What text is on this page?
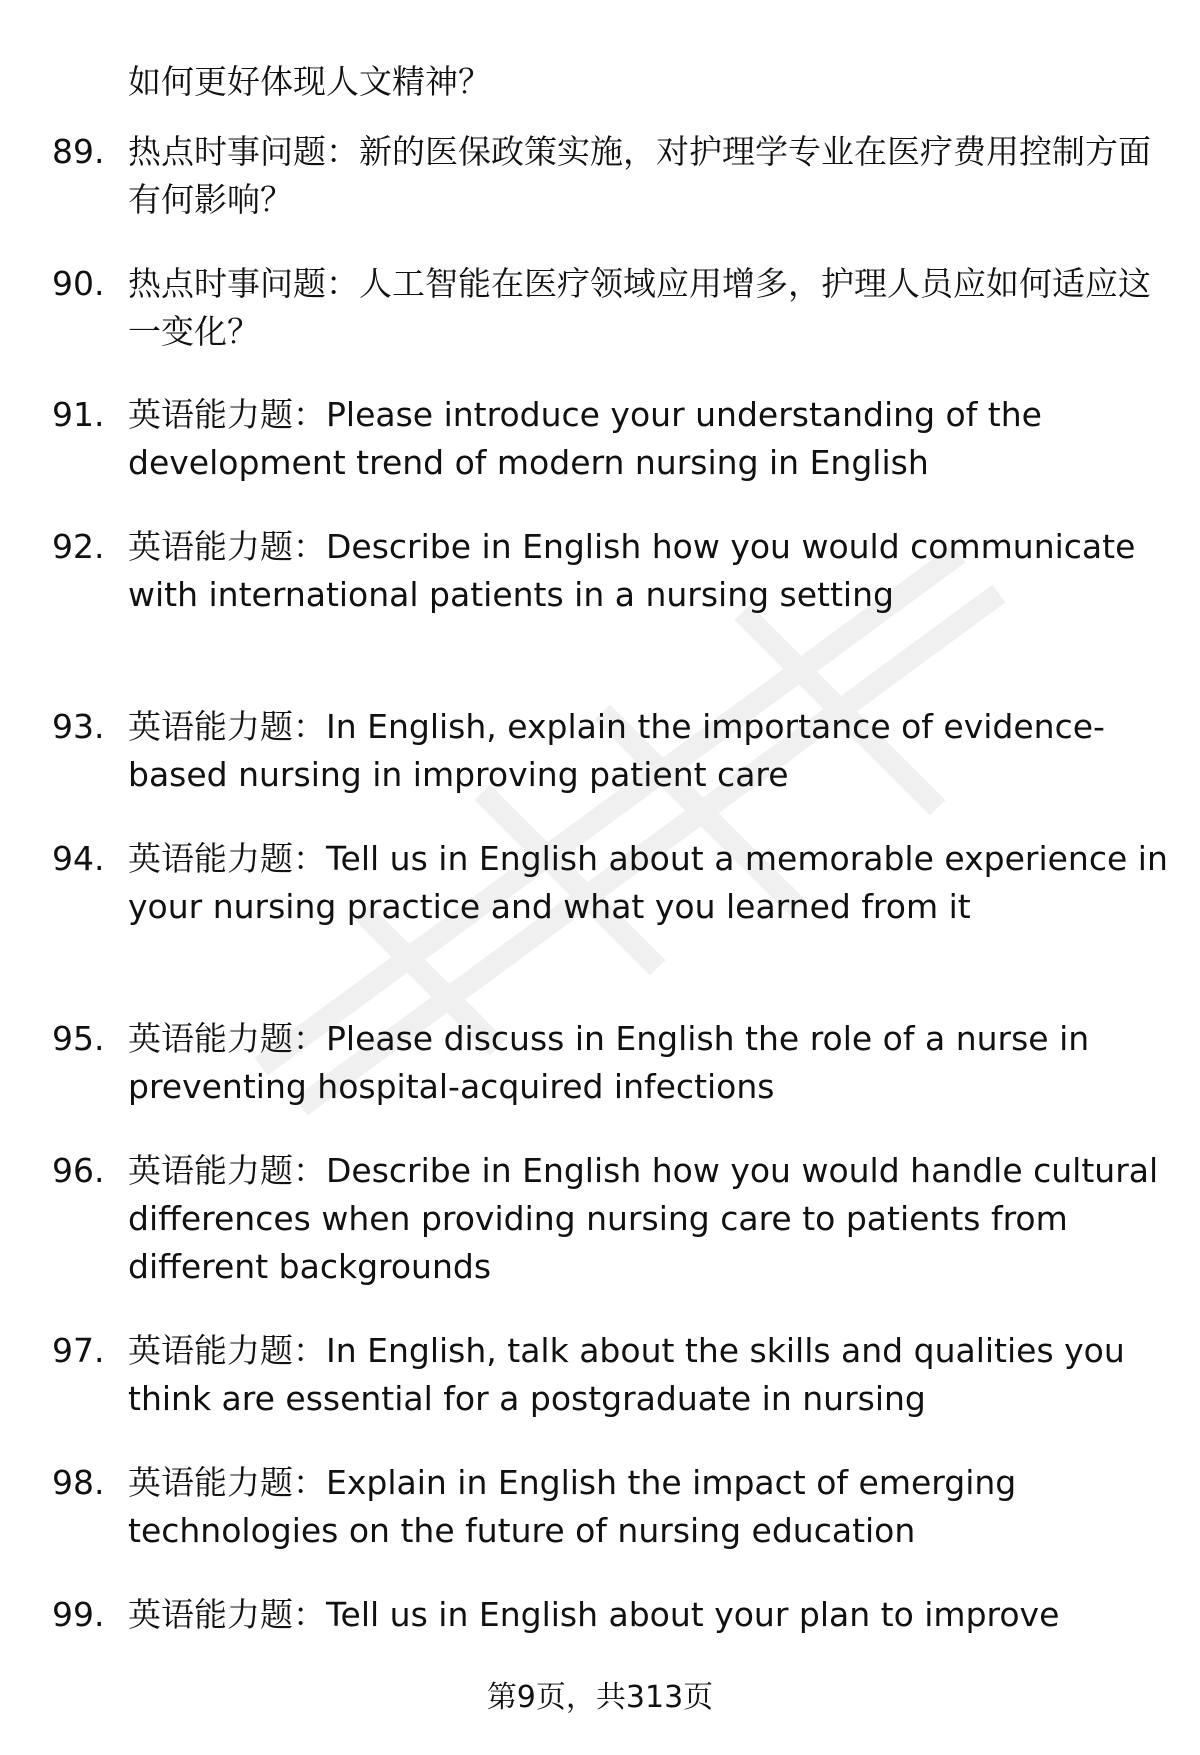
如何更好体现人文精神？

89. 热点时事问题：新的医保政策实施，对护理学专业在医疗费用控制方面有何影响？

90. 热点时事问题：人工智能在医疗领域应用增多，护理人员应如何适应这一变化？

91. 英语能力题：Please introduce your understanding of the development trend of modern nursing in English

92. 英语能力题：Describe in English how you would communicate with international patients in a nursing setting

93. 英语能力题：In English, explain the importance of evidence-based nursing in improving patient care

94. 英语能力题：Tell us in English about a memorable experience in your nursing practice and what you learned from it

95. 英语能力题：Please discuss in English the role of a nurse in preventing hospital-acquired infections

96. 英语能力题：Describe in English how you would handle cultural differences when providing nursing care to patients from different backgrounds

97. 英语能力题：In English, talk about the skills and qualities you think are essential for a postgraduate in nursing

98. 英语能力题：Explain in English the impact of emerging technologies on the future of nursing education

99. 英语能力题：Tell us in English about your plan to improve

第9页，共313页
